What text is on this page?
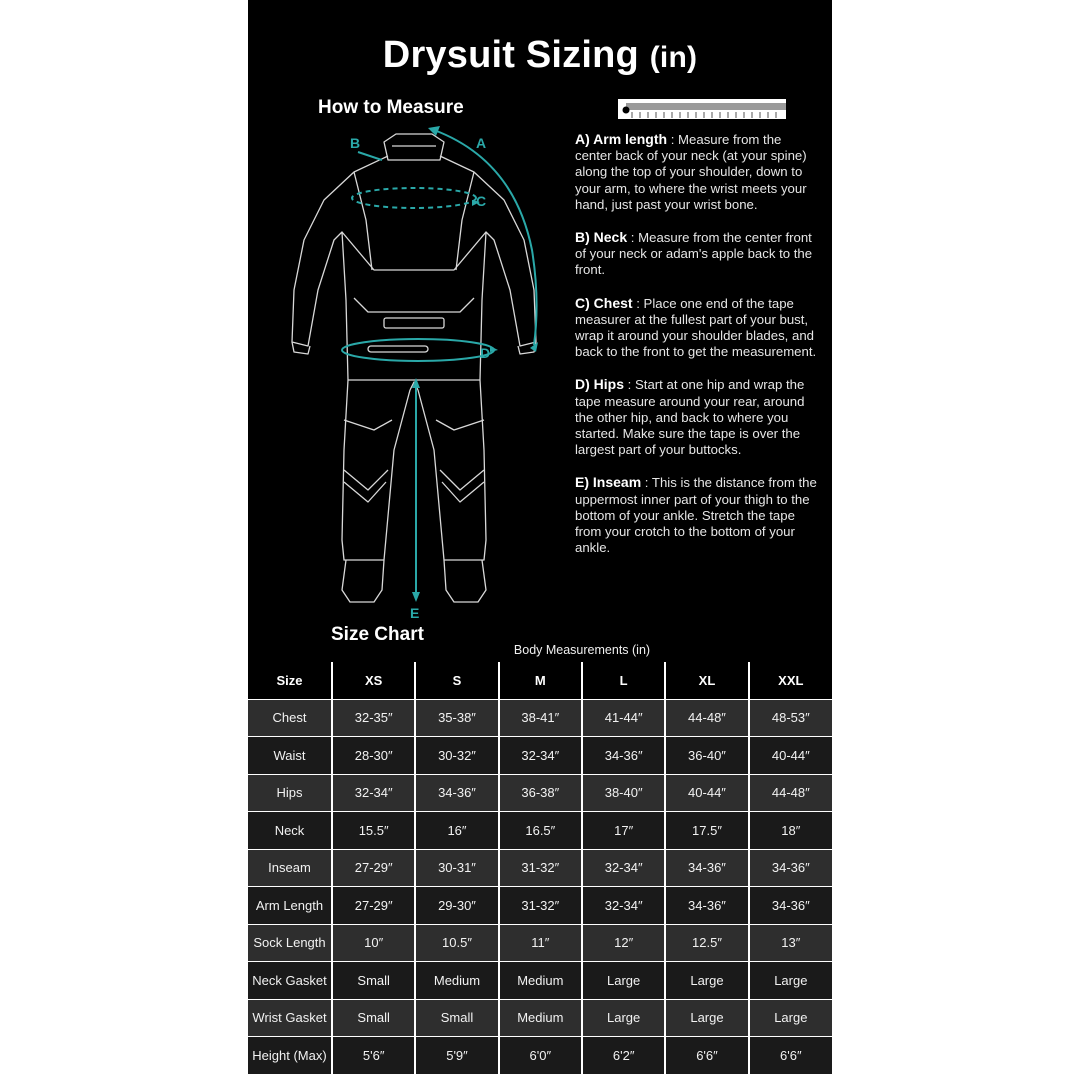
Drysuit Sizing (in)
How to Measure
B	A
C
D
E

A) Arm length : Measure from the center back of your neck (at your spine) along the top of your shoulder, down to your arm, to where the wrist meets your hand, just past your wrist bone.

B) Neck : Measure from the center front of your neck or adam's apple back to the front.

C) Chest : Place one end of the tape measurer at the fullest part of your bust, wrap it around your shoulder blades, and back to the front to get the measurement.

D) Hips : Start at one hip and wrap the tape measure around your rear, around the other hip, and back to where you started. Make sure the tape is over the largest part of your buttocks.

E) Inseam : This is the distance from the uppermost inner part of your thigh to the bottom of your ankle. Stretch the tape from your crotch to the bottom of your ankle.

Size Chart
Body Measurements (in)
Size	XS	S	M	L	XL	XXL
Chest	32-35″	35-38″	38-41″	41-44″	44-48″	48-53″
Waist	28-30″	30-32″	32-34″	34-36″	36-40″	40-44″
Hips	32-34″	34-36″	36-38″	38-40″	40-44″	44-48″
Neck	15.5″	16″	16.5″	17″	17.5″	18″
Inseam	27-29″	30-31″	31-32″	32-34″	34-36″	34-36″
Arm Length	27-29″	29-30″	31-32″	32-34″	34-36″	34-36″
Sock Length	10″	10.5″	11″	12″	12.5″	13″
Neck Gasket	Small	Medium	Medium	Large	Large	Large
Wrist Gasket	Small	Small	Medium	Large	Large	Large
Height (Max)	5'6″	5'9″	6'0″	6'2″	6'6″	6'6″
